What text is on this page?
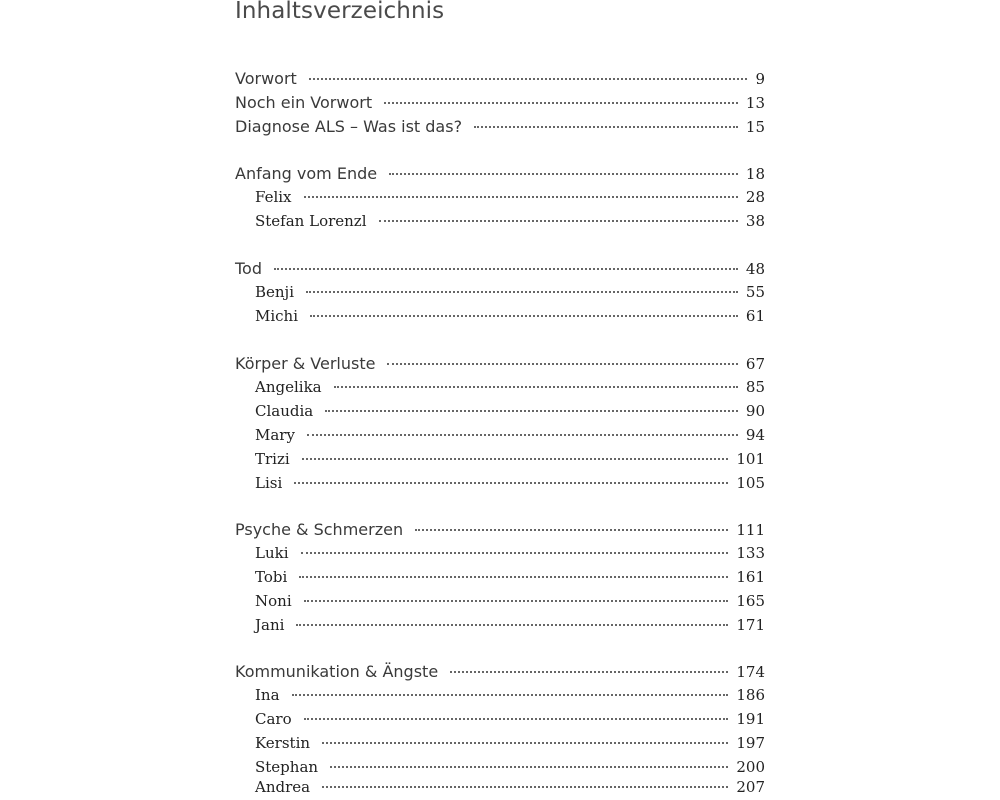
Inhaltsverzeichnis
Vorwort	9
Noch ein Vorwort	13
Diagnose ALS – Was ist das?	15
Anfang vom Ende	18
Felix	28
Stefan Lorenzl	38
Tod	48
Benji	55
Michi	61
Körper & Verluste	67
Angelika	85
Claudia	90
Mary	94
Trizi	101
Lisi	105
Psyche & Schmerzen	111
Luki	133
Tobi	161
Noni	165
Jani	171
Kommunikation & Ängste	174
Ina	186
Caro	191
Kerstin	197
Stephan	200
Andrea	207
